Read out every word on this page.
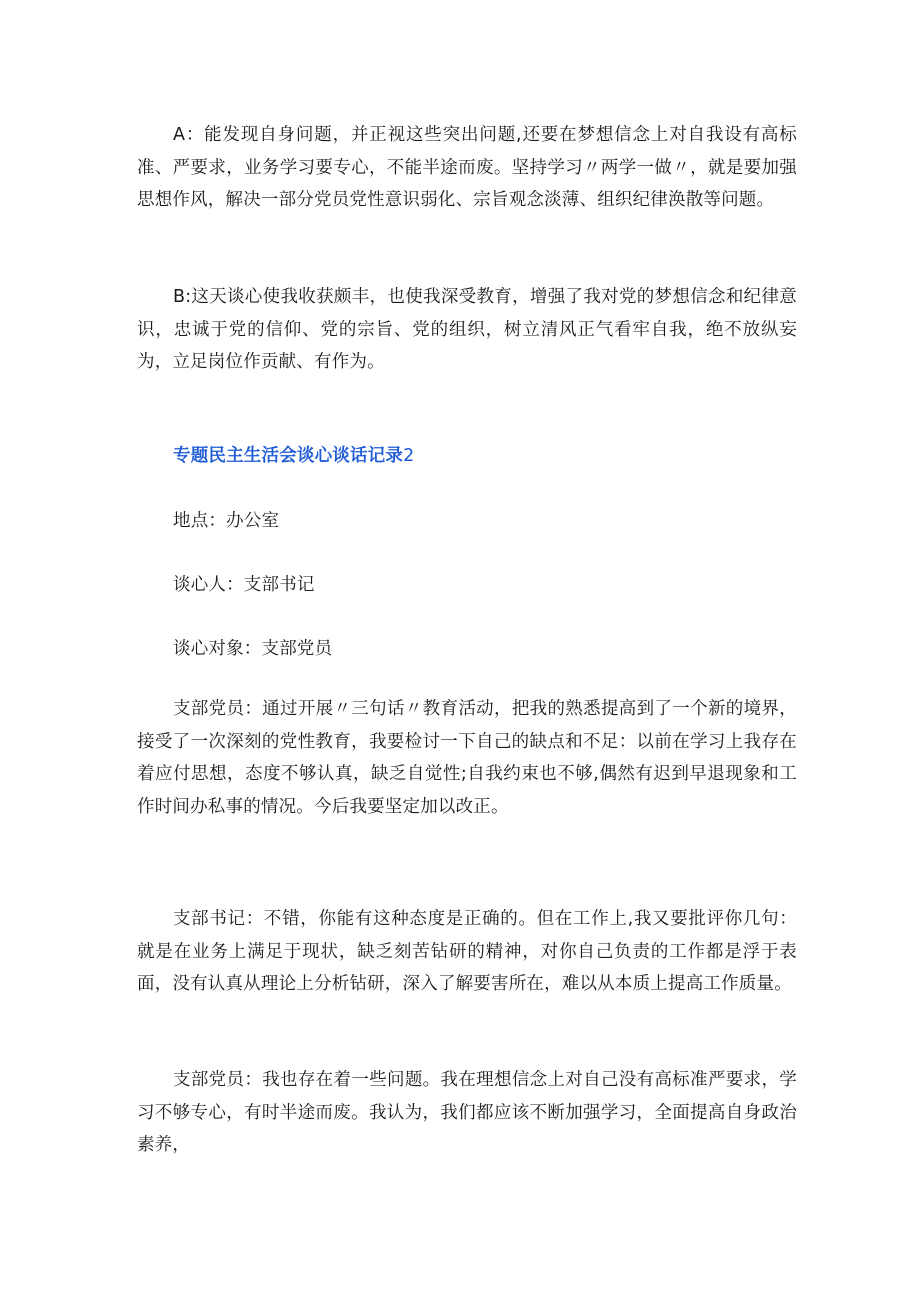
A：能发现自身问题，并正视这些突出问题,还要在梦想信念上对自我设有高标准、严要求，业务学习要专心，不能半途而废。坚持学习〃两学一做〃，就是要加强思想作风，解决一部分党员党性意识弱化、宗旨观念淡薄、组织纪律涣散等问题。

B:这天谈心使我收获颇丰，也使我深受教育，增强了我对党的梦想信念和纪律意识，忠诚于党的信仰、党的宗旨、党的组织，树立清风正气看牢自我，绝不放纵妄为，立足岗位作贡献、有作为。

专题民主生活会谈心谈话记录2

地点：办公室

谈心人：支部书记

谈心对象：支部党员

支部党员：通过开展〃三句话〃教育活动，把我的熟悉提高到了一个新的境界，接受了一次深刻的党性教育，我要检讨一下自己的缺点和不足：以前在学习上我存在着应付思想，态度不够认真，缺乏自觉性;自我约束也不够,偶然有迟到早退现象和工作时间办私事的情况。今后我要坚定加以改正。

支部书记：不错，你能有这种态度是正确的。但在工作上,我又要批评你几句：就是在业务上满足于现状，缺乏刻苦钻研的精神，对你自己负责的工作都是浮于表面，没有认真从理论上分析钻研，深入了解要害所在，难以从本质上提高工作质量。

支部党员：我也存在着一些问题。我在理想信念上对自己没有高标准严要求，学习不够专心，有时半途而废。我认为，我们都应该不断加强学习，全面提高自身政治素养，
